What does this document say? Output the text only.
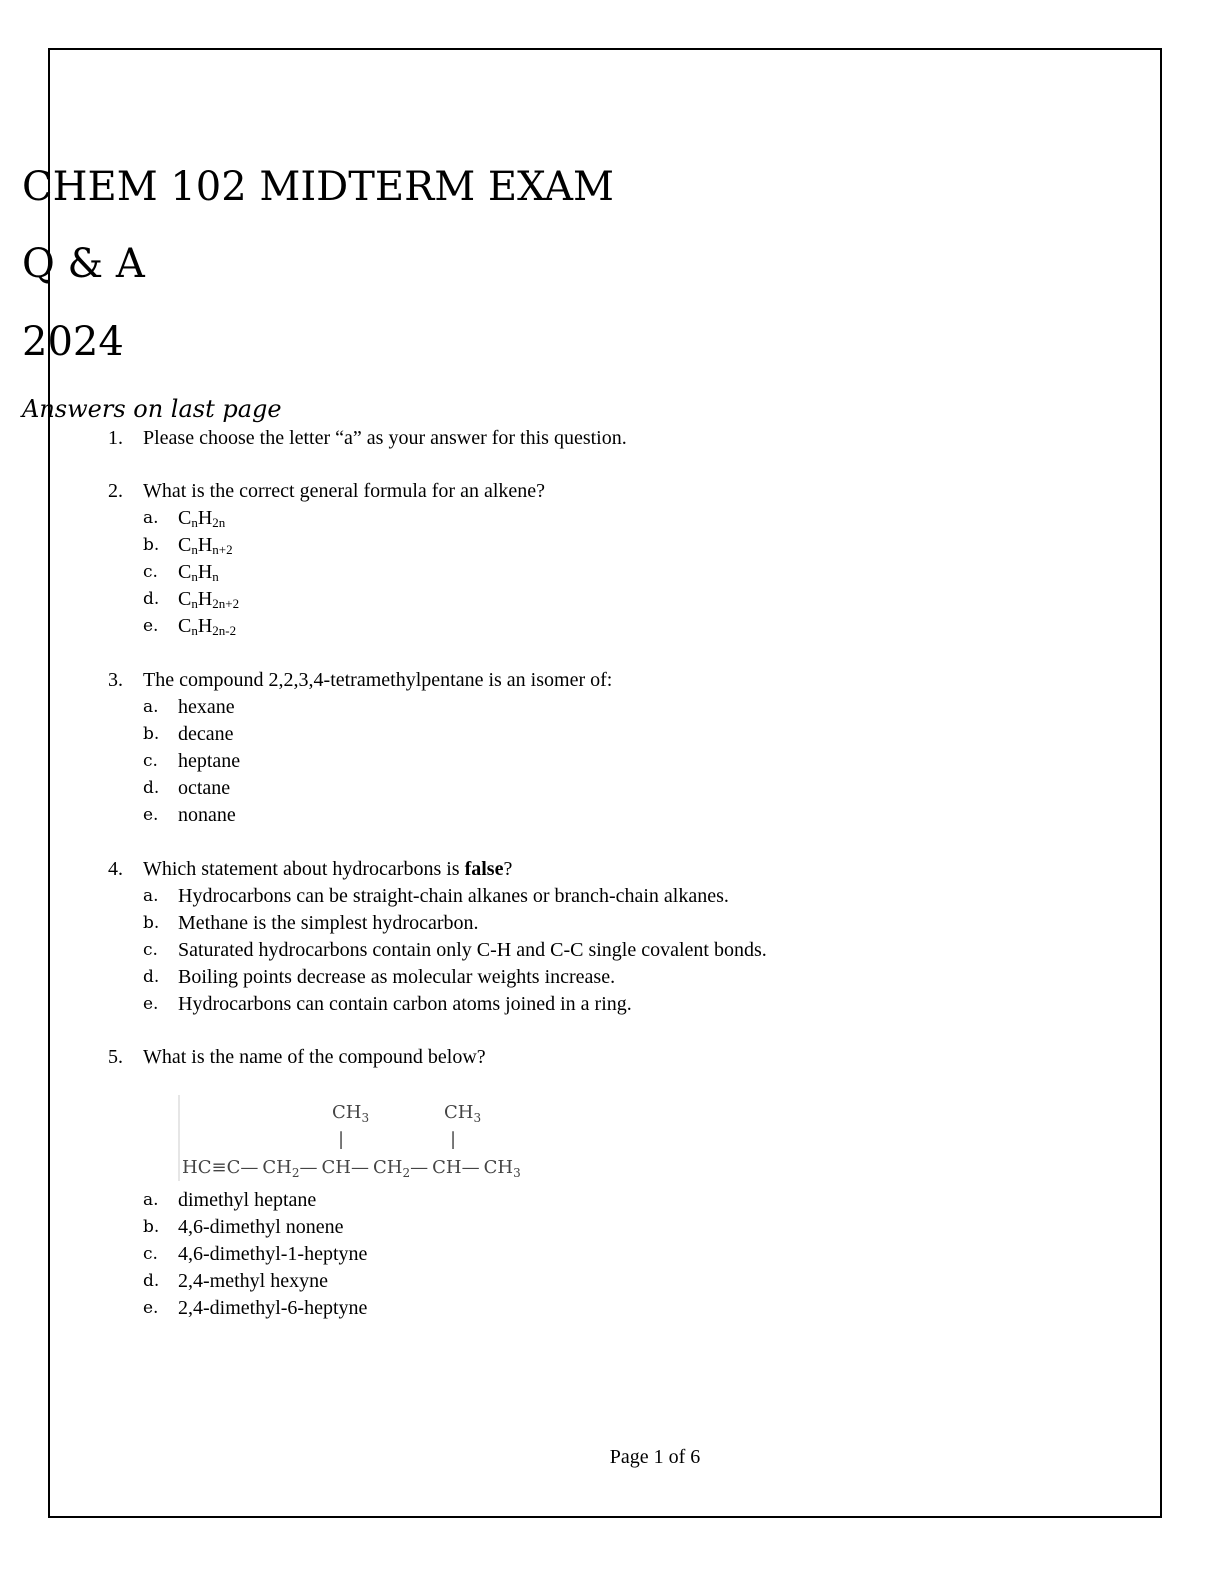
CHEM 102 MIDTERM EXAM
Q & A
2024

Answers on last page

1. Please choose the letter “a” as your answer for this question.
2. What is the correct general formula for an alkene?
a. $C_nH_{2n}$
b. $C_nH_{n+2}$
c. $C_nH_n$
d. $C_nH_{2n+2}$
e. $C_nH_{2n-2}$
3. The compound 2,2,3,4-tetramethylpentane is an isomer of:
a. hexane
b. decane
c. heptane
d. octane
e. nonane
4. Which statement about hydrocarbons is false?
a. Hydrocarbons can be straight-chain alkanes or branch-chain alkanes.
b. Methane is the simplest hydrocarbon.
c. Saturated hydrocarbons contain only C-H and C-C single covalent bonds.
d. Boiling points decrease as molecular weights increase.
e. Hydrocarbons can contain carbon atoms joined in a ring.
5. What is the name of the compound below?
$CH_3$	$CH_3$
|	|
HC≡C— $CH_2—$ CH— $CH_2—$ CH— $CH_3$
a. dimethyl heptane
b. 4,6-dimethyl nonene
c. 4,6-dimethyl-1-heptyne
d. 2,4-methyl hexyne
e. 2,4-dimethyl-6-heptyne
Page 1 of 6
